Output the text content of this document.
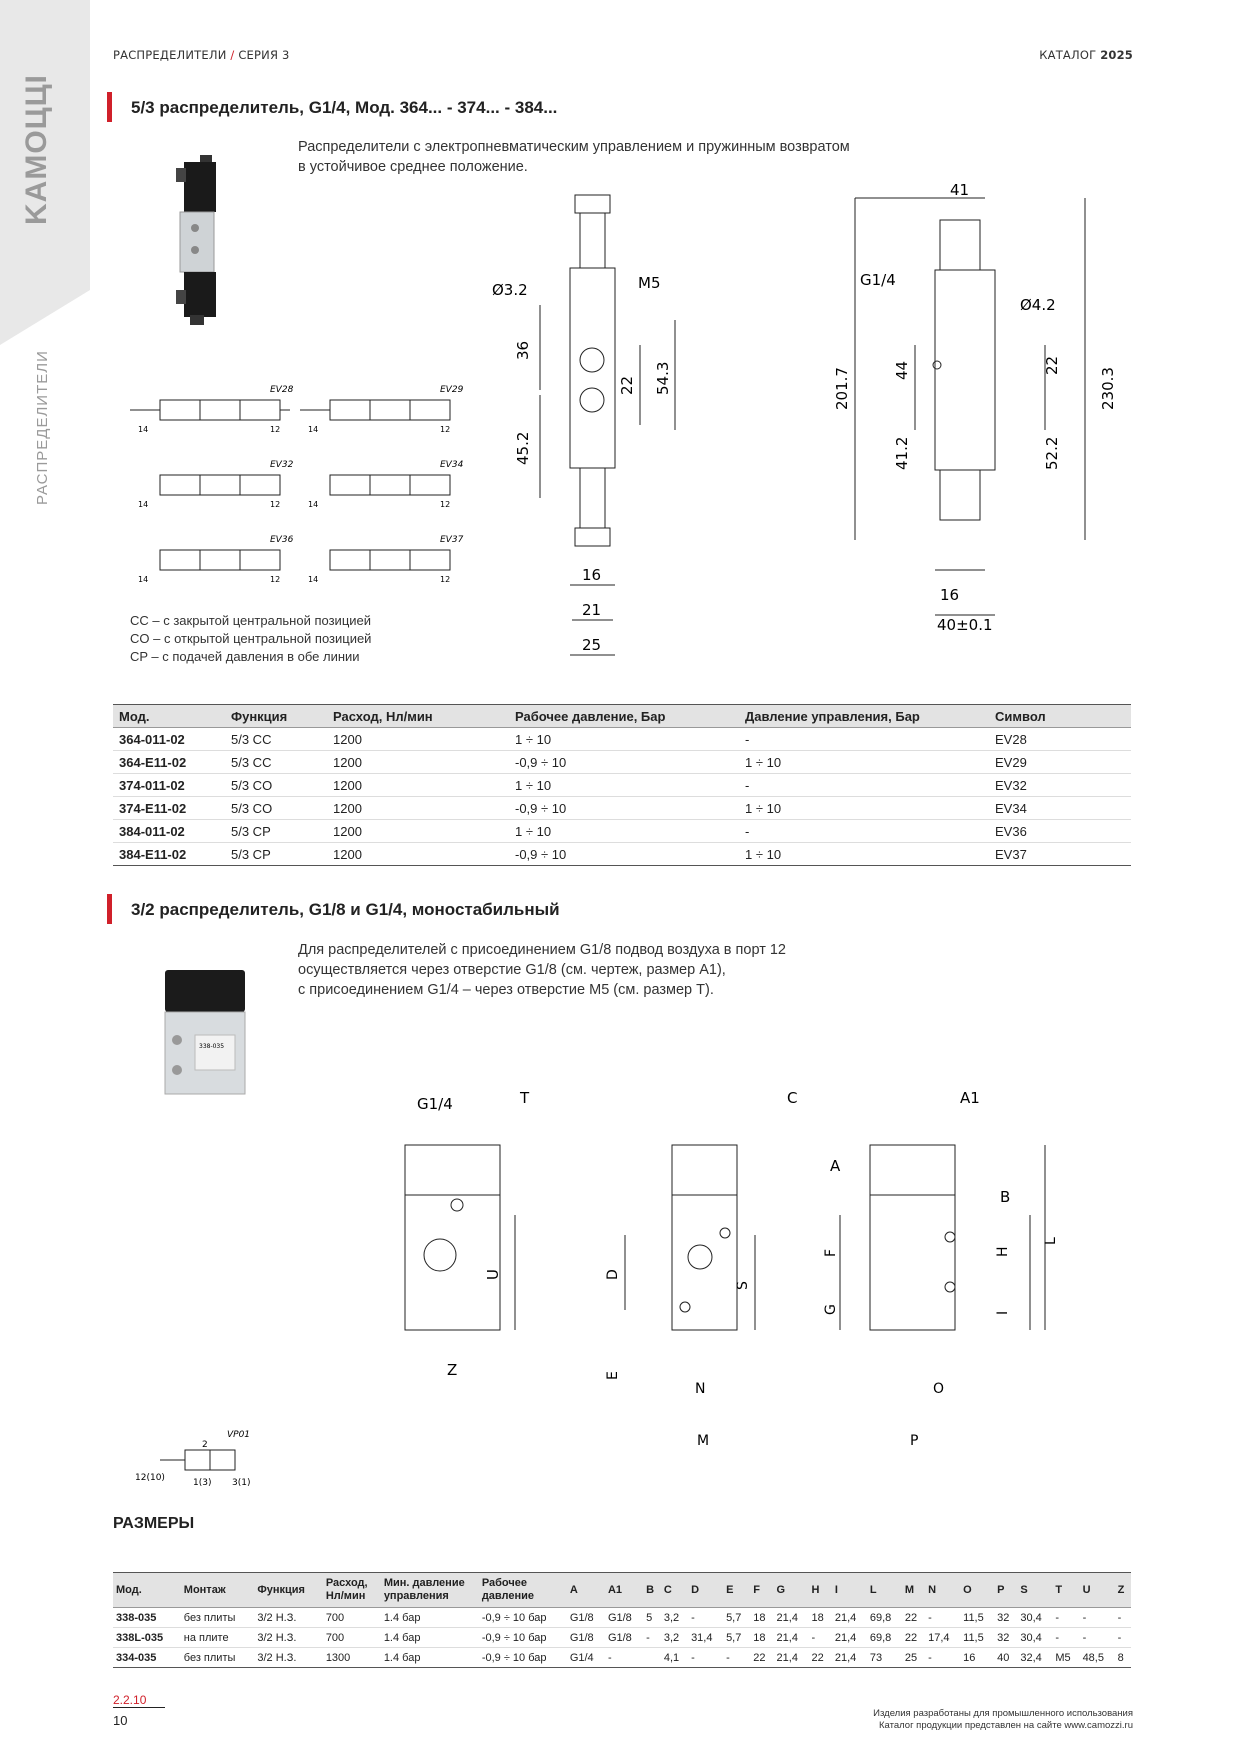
KAMOЦЦI
РАСПРЕДЕЛИТЕЛИ
РАСПРЕДЕЛИТЕЛИ / СЕРИЯ 3	КАТАЛОГ 2025
5/3 распределитель, G1/4, Мод. 364... - 374... - 384...
Распределители с электропневматическим управлением и пружинным возвратом
в устойчивое среднее положение.
EV28
14	12
EV29
14	12
EV32
14	12
EV34
14	12
EV36
14	12
EV37
14	12
CC – с закрытой центральной позицией
CO – с открытой центральной позицией
CP – с подачей давления в обе линии
Ø3.2	M5
36
45.2
22 54.3
16
21
25
41
G1/4
Ø4.2
201.7	44
41.2
22
52.2
230.3
16
40±0.1
Мод.	Функция	Расход, Нл/мин	Рабочее давление, Бар	Давление управления, Бар	Символ
364-011-02	5/3 CC	1200	1 ÷ 10	-	EV28
364-E11-02	5/3 CC	1200	-0,9 ÷ 10	1 ÷ 10	EV29
374-011-02	5/3 CO	1200	1 ÷ 10	-	EV32
374-E11-02	5/3 CO	1200	-0,9 ÷ 10	1 ÷ 10	EV34
384-011-02	5/3 CP	1200	1 ÷ 10	-	EV36
384-E11-02	5/3 CP	1200	-0,9 ÷ 10	1 ÷ 10	EV37
3/2 распределитель, G1/8 и G1/4, моностабильный
338-035
Для распределителей с присоединением G1/8 подвод воздуха в порт 12
осуществляется через отверстие G1/8 (см. чертеж, размер A1),
с присоединением G1/4 – через отверстие M5 (см. размер T).
G1/4	T
U
Z
C
D
S
E
N
M
A1
A
B
F
G
H
I
L
O
P
VP01
2
12(10)	1(3) 3(1)
РАЗМЕРЫ
Мод.	Монтаж	Функция	Расход, Нл/мин	Мин. давление управления	Рабочее давление	A	A1	B	C	D	E	F	G	H	I	L	M	N	O	P	S	T	U	Z
338-035	без плиты	3/2 Н.З.	700	1.4 бар	-0,9 ÷ 10 бар	G1/8	G1/8	5	3,2	-	5,7	18	21,4	18	21,4	69,8	22	-	11,5	32	30,4	-	-	-
338L-035	на плите	3/2 Н.З.	700	1.4 бар	-0,9 ÷ 10 бар	G1/8	G1/8	-	3,2	31,4	5,7	18	21,4	-	21,4	69,8	22	17,4	11,5	32	30,4	-	-	-
334-035	без плиты	3/2 Н.З.	1300	1.4 бар	-0,9 ÷ 10 бар	G1/4	-		4,1	-	-	22	21,4	22	21,4	73	25	-	16	40	32,4	M5	48,5	8
2.2.10
10	Изделия разработаны для промышленного использования
Каталог продукции представлен на сайте www.camozzi.ru
